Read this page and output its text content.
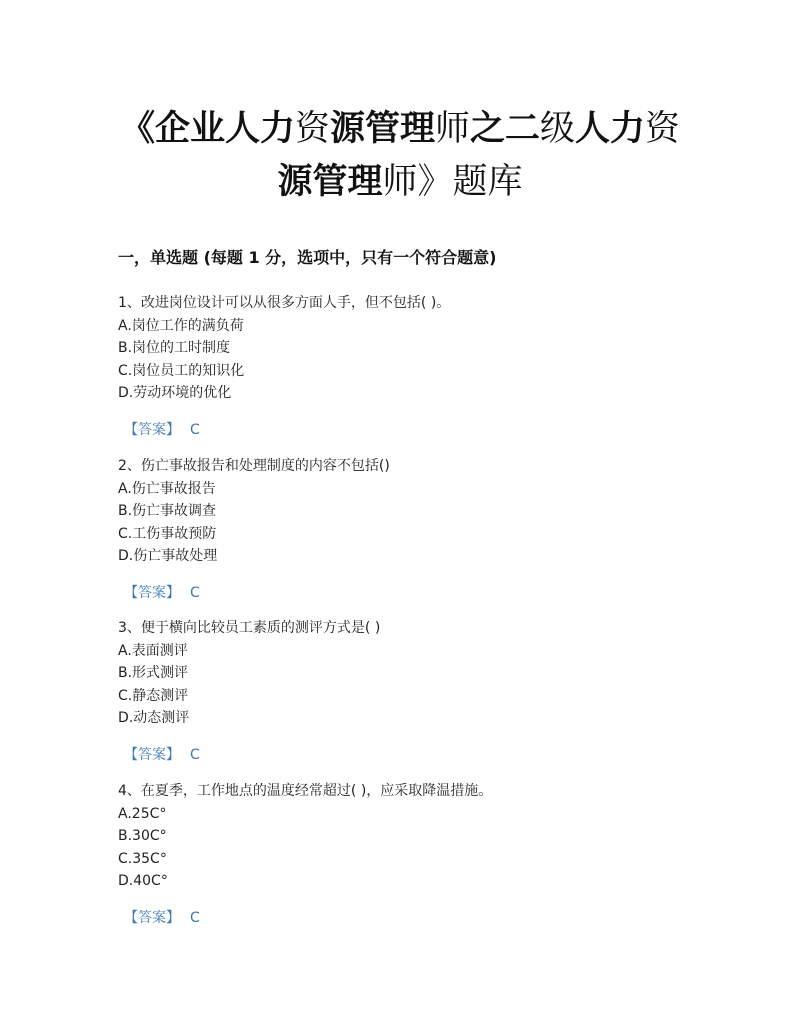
《企业人力资源管理师之二级人力资
源管理师》题库
一，单选题 (每题 1 分，选项中，只有一个符合题意)
1、改进岗位设计可以从很多方面人手，但不包括( )。
A.岗位工作的满负荷
B.岗位的工时制度
C.岗位员工的知识化
D.劳动环境的优化
【答案】 C
2、伤亡事故报告和处理制度的内容不包括()
A.伤亡事故报告
B.伤亡事故调查
C.工伤事故预防
D.伤亡事故处理
【答案】 C
3、便于横向比较员工素质的测评方式是( )
A.表面测评
B.形式测评
C.静态测评
D.动态测评
【答案】 C
4、在夏季，工作地点的温度经常超过( )，应采取降温措施。
A.25C°
B.30C°
C.35C°
D.40C°
【答案】 C
